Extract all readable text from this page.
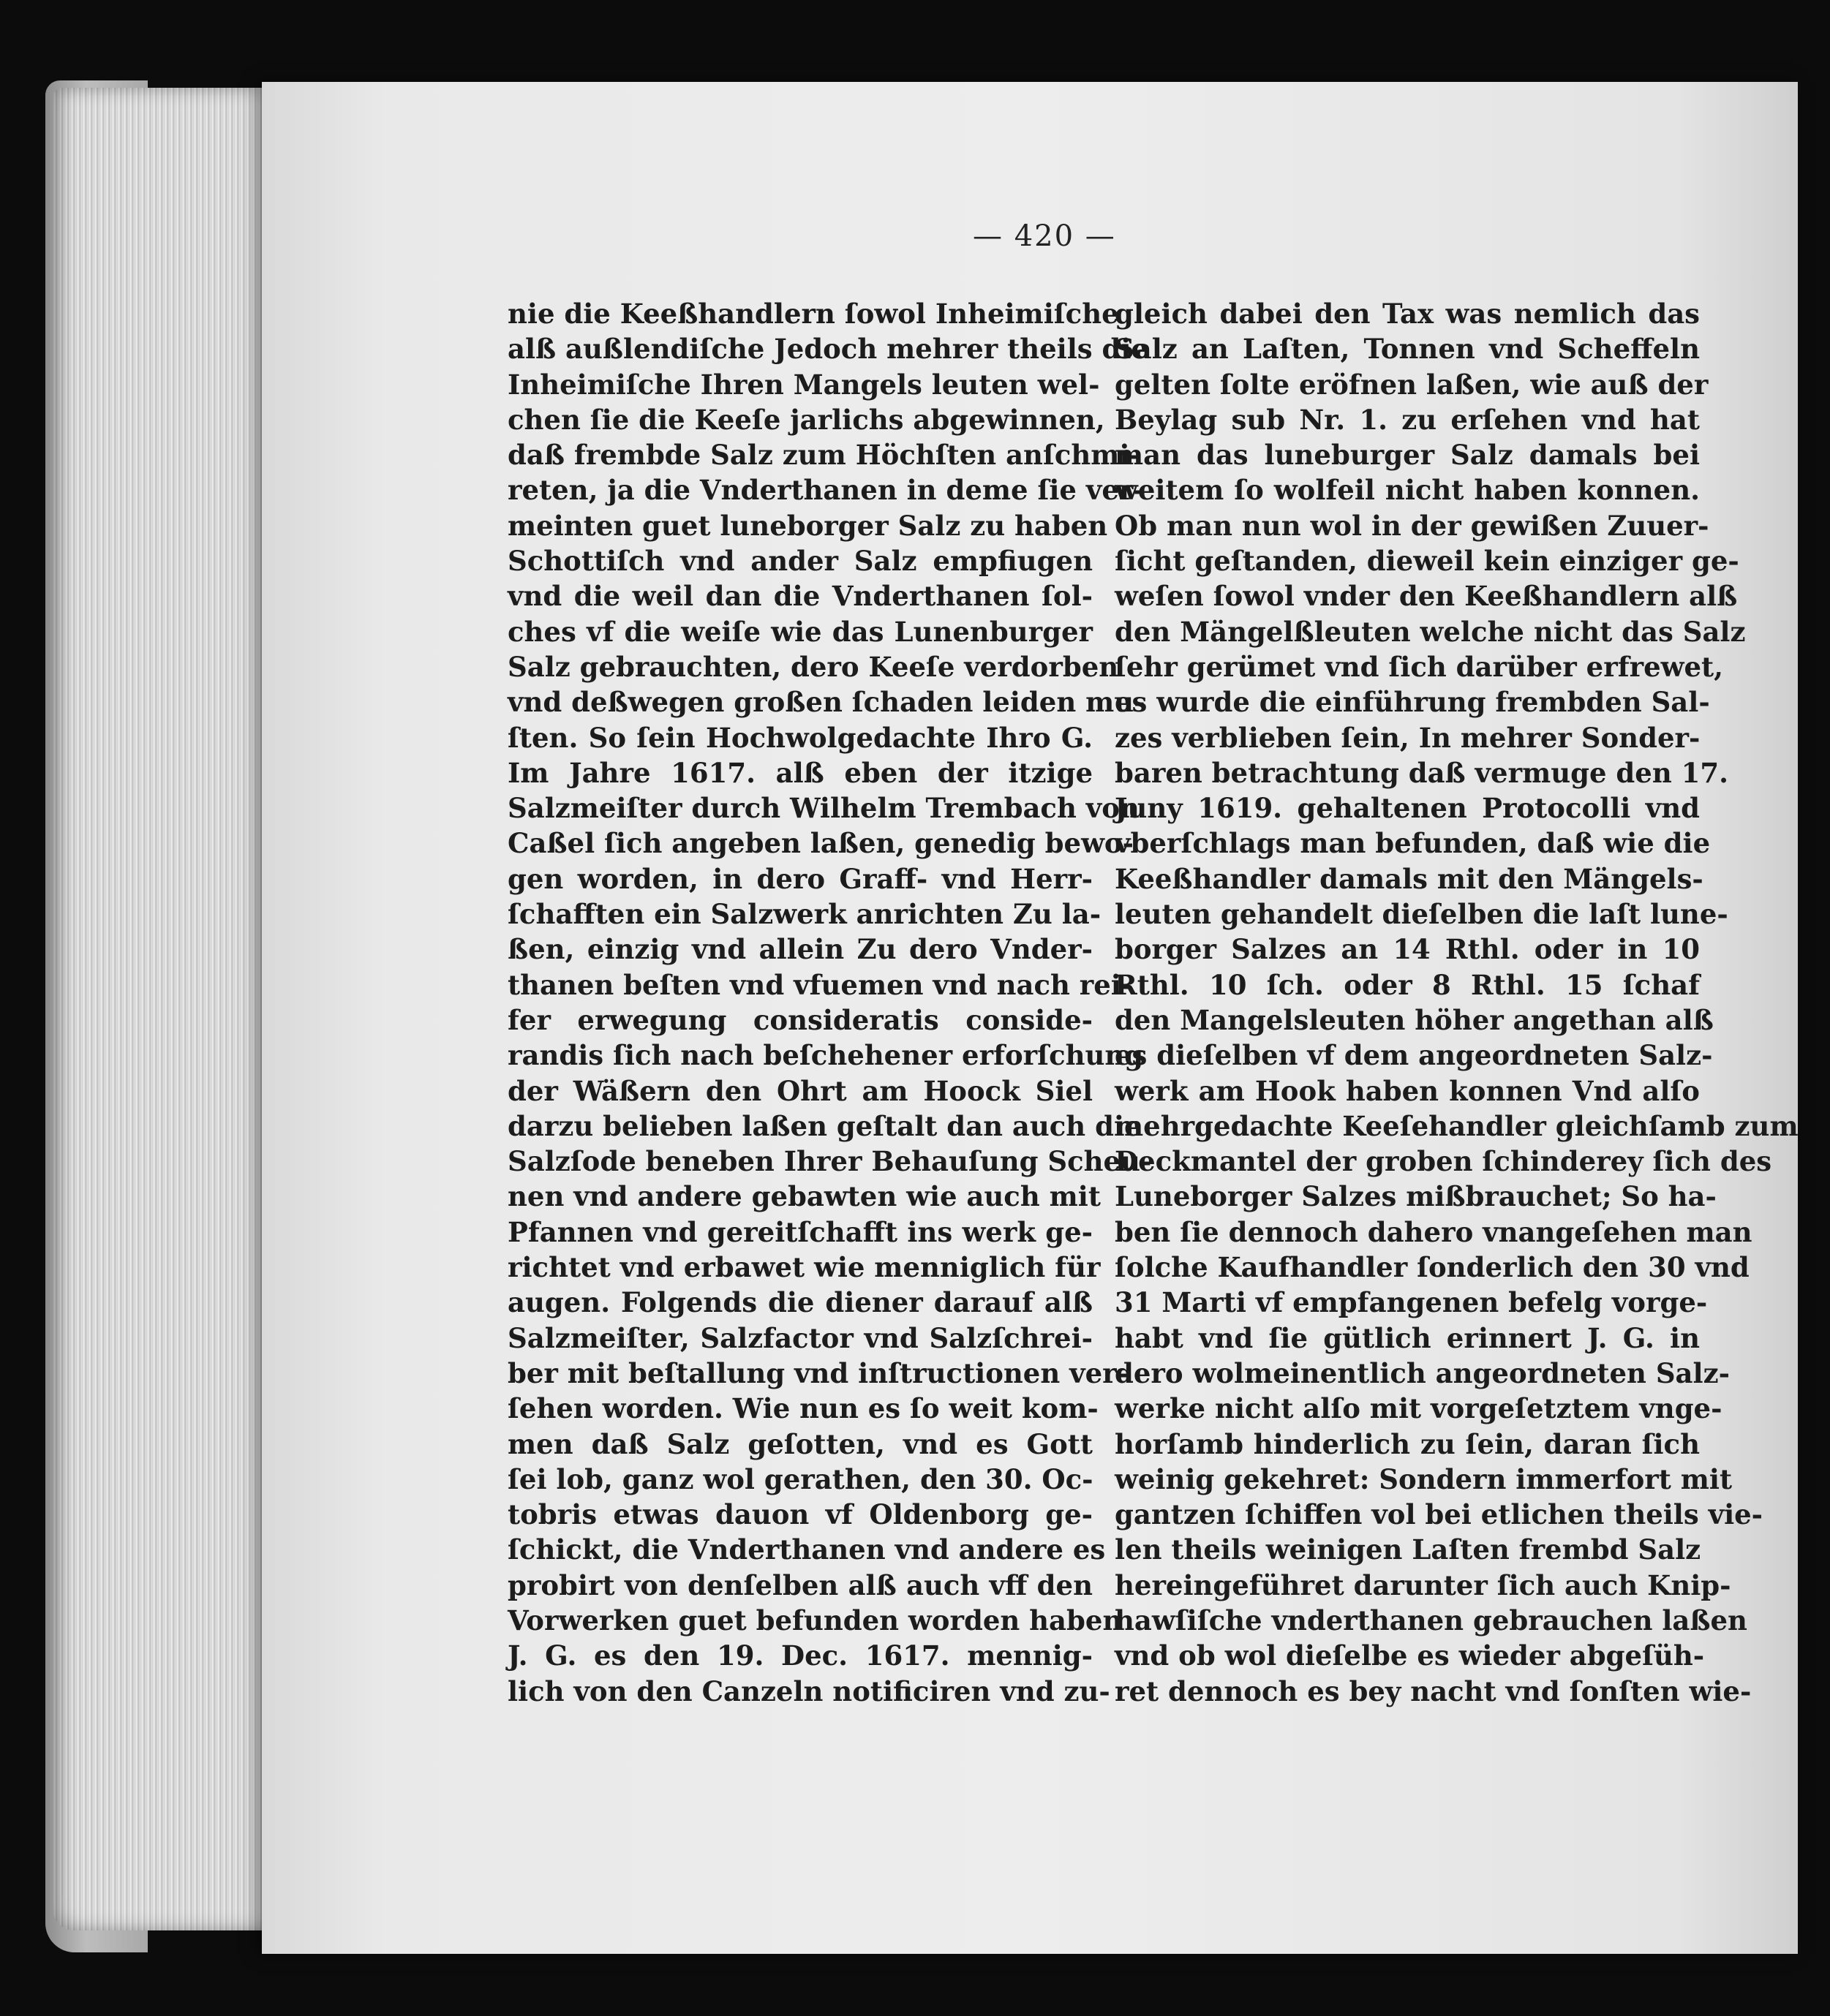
— 420 —
nie die Keeßhandlern ſowol Inheimiſche
alß außlendiſche Jedoch mehrer theils die
Inheimiſche Ihren Mangels leuten wel-
chen ſie die Keeſe jarlichs abgewinnen,
daß frembde Salz zum Höchſten anſchmi-
reten, ja die Vnderthanen in deme ſie ver-
meinten guet luneborger Salz zu haben
Schottiſch vnd ander Salz empfiugen
vnd die weil dan die Vnderthanen ſol-
ches vf die weiſe wie das Lunenburger
Salz gebrauchten, dero Keeſe verdorben
vnd deßwegen großen ſchaden leiden mu-
ſten. So ſein Hochwolgedachte Ihro G.
Im Jahre 1617. alß eben der itzige
Salzmeiſter durch Wilhelm Trembach von
Caßel ſich angeben laßen, genedig bewo-
gen worden, in dero Graff- vnd Herr-
ſchafften ein Salzwerk anrichten Zu la-
ßen, einzig vnd allein Zu dero Vnder-
thanen beſten vnd vfuemen vnd nach rei-
fer erwegung consideratis conside-
randis ſich nach beſchehener erforſchung
der Wäßern den Ohrt am Hoock Siel
darzu belieben laßen geſtalt dan auch die
Salzſode beneben Ihrer Behauſung Scheu-
nen vnd andere gebawten wie auch mit
Pfannen vnd gereitſchafft ins werk ge-
richtet vnd erbawet wie menniglich für
augen. Folgends die diener darauf alß
Salzmeiſter, Salzfactor vnd Salzſchrei-
ber mit beſtallung vnd inſtructionen ver-
ſehen worden. Wie nun es ſo weit kom-
men daß Salz geſotten, vnd es Gott
ſei lob, ganz wol gerathen, den 30. Oc-
tobris etwas dauon vf Oldenborg ge-
ſchickt, die Vnderthanen vnd andere es
probirt von denſelben alß auch vff den
Vorwerken guet befunden worden haben
J. G. es den 19. Dec. 1617. mennig-
lich von den Canzeln notificiren vnd zu-
gleich dabei den Tax was nemlich das
Salz an Laſten, Tonnen vnd Scheffeln
gelten ſolte eröfnen laßen, wie auß der
Beylag sub Nr. 1. zu erſehen vnd hat
man das luneburger Salz damals bei
weitem ſo wolfeil nicht haben konnen.
Ob man nun wol in der gewißen Zuuer-
ſicht geſtanden, dieweil kein einziger ge-
weſen ſowol vnder den Keeßhandlern alß
den Mängelßleuten welche nicht das Salz
ſehr gerümet vnd ſich darüber erfrewet,
es wurde die einführung frembden Sal-
zes verblieben ſein, In mehrer Sonder-
baren betrachtung daß vermuge den 17.
Juny 1619. gehaltenen Protocolli vnd
vberſchlags man befunden, daß wie die
Keeßhandler damals mit den Mängels-
leuten gehandelt dieſelben die laſt lune-
borger Salzes an 14 Rthl. oder in 10
Rthl. 10 ſch. oder 8 Rthl. 15 ſchaf
den Mangelsleuten höher angethan alß
es dieſelben vf dem angeordneten Salz-
werk am Hook haben konnen Vnd alſo
mehrgedachte Keeſehandler gleichſamb zum
Deckmantel der groben ſchinderey ſich des
Luneborger Salzes mißbrauchet; So ha-
ben ſie dennoch dahero vnangeſehen man
ſolche Kaufhandler ſonderlich den 30 vnd
31 Marti vf empfangenen befelg vorge-
habt vnd ſie gütlich erinnert J. G. in
dero wolmeinentlich angeordneten Salz-
werke nicht alſo mit vorgeſetztem vnge-
horſamb hinderlich zu ſein, daran ſich
weinig gekehret: Sondern immerfort mit
gantzen ſchiffen vol bei etlichen theils vie-
len theils weinigen Laſten frembd Salz
hereingeführet darunter ſich auch Knip-
hawſiſche vnderthanen gebrauchen laßen
vnd ob wol dieſelbe es wieder abgeſüh-
ret dennoch es bey nacht vnd ſonſten wie-
